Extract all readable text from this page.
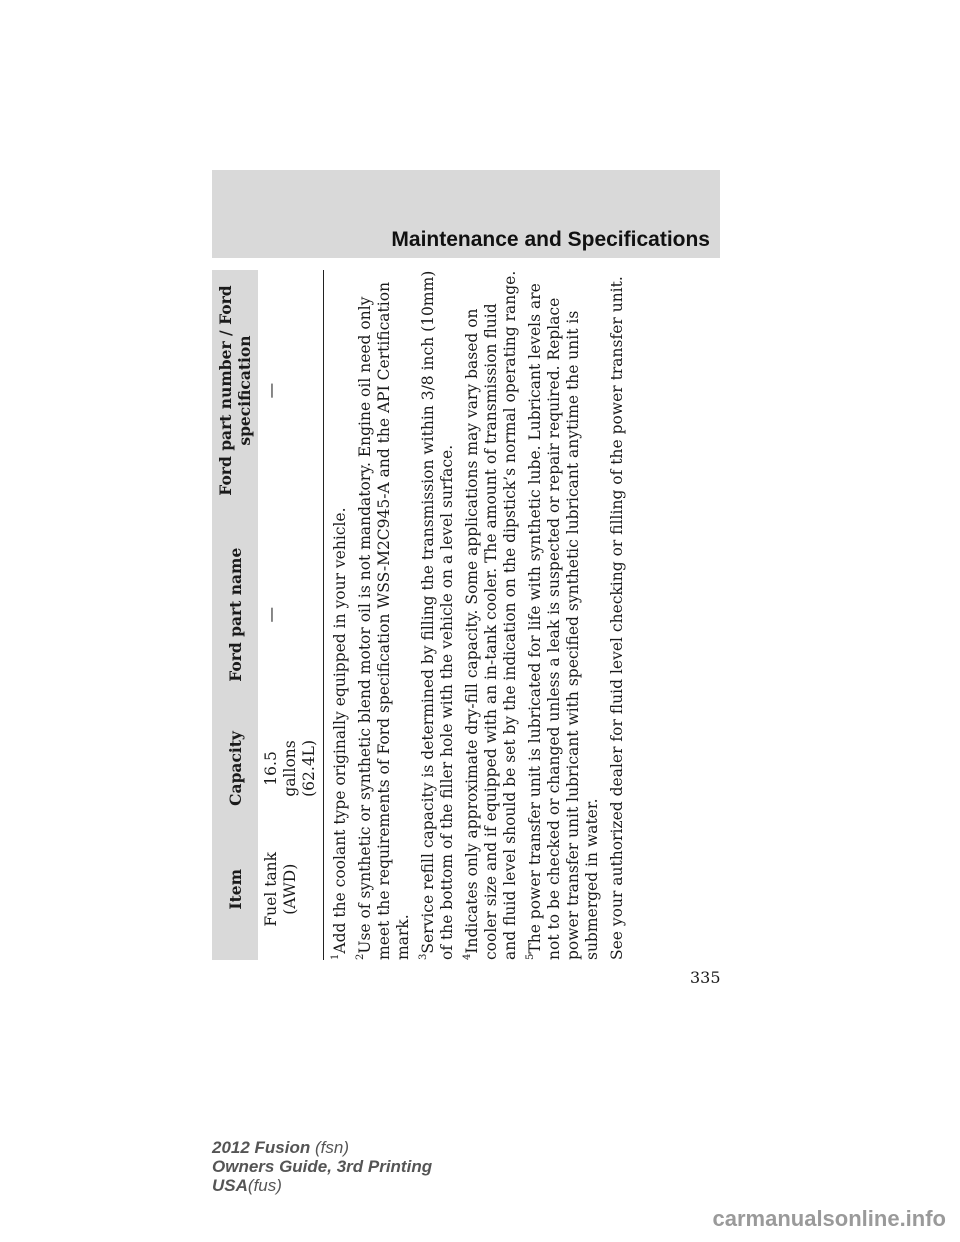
Maintenance and Specifications
Item	Capacity	Ford part name	Ford part number / Ford specification
Fuel tank (AWD)	16.5 gallons (62.4L)	—	—

$^1$Add the coolant type originally equipped in your vehicle.

$^2$Use of synthetic or synthetic blend motor oil is not mandatory. Engine oil need only meet the requirements of Ford specification WSS-M2C945-A and the API Certification mark. $^3$Service refill capacity is determined by filling the transmission within 3/8 inch (10mm) of the bottom of the filler hole with the vehicle on a level surface. $^4$Indicates only approximate dry-fill capacity. Some applications may vary based on cooler size and if equipped with an in-tank cooler. The amount of transmission fluid and fluid level should be set by the indication on the dipstick’s normal operating range. $^5$The power transfer unit is lubricated for life with synthetic lube. Lubricant levels are not to be checked or changed unless a leak is suspected or repair required. Replace power transfer unit lubricant with specified synthetic lubricant anytime the unit is submerged in water. See your authorized dealer for fluid level checking or filling of the power transfer unit.

335
2012 Fusion (fsn)
Owners Guide, 3rd Printing
USA(fus)
carmanualsonline.info
